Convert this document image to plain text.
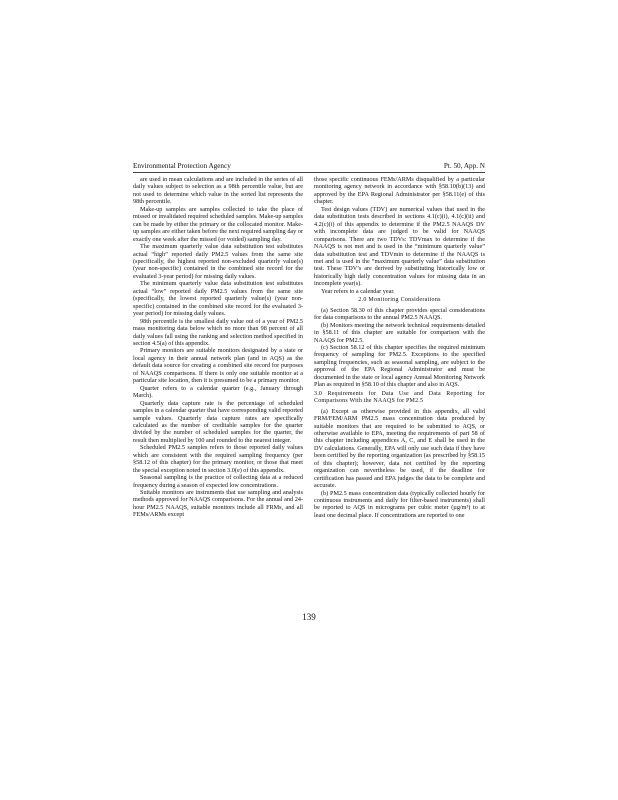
Environmental Protection Agency	Pt. 50, App. N

are used in mean calculations and are included in the series of all daily values subject to selection as a 98th percentile value, but are not used to determine which value in the sorted list represents the 98th percentile.

Make-up samples are samples collected to take the place of missed or invalidated required scheduled samples. Make-up samples can be made by either the primary or the collocated monitor. Make-up samples are either taken before the next required sampling day or exactly one week after the missed (or voided) sampling day.

The maximum quarterly value data substitution test substitutes actual “high” reported daily PM2.5 values from the same site (specifically, the highest reported non-excluded quarterly value(s) (year non-specific) contained in the combined site record for the evaluated 3-year period) for missing daily values.

The minimum quarterly value data substitution test substitutes actual “low” reported daily PM2.5 values from the same site (specifically, the lowest reported quarterly value(s) (year non-specific) contained in the combined site record for the evaluated 3-year period) for missing daily values.

98th percentile is the smallest daily value out of a year of PM2.5 mass monitoring data below which no more than 98 percent of all daily values fall using the ranking and selection method specified in section 4.5(a) of this appendix.

Primary monitors are suitable monitors designated by a state or local agency in their annual network plan (and in AQS) as the default data source for creating a combined site record for purposes of NAAQS comparisons. If there is only one suitable monitor at a particular site location, then it is presumed to be a primary monitor.

Quarter refers to a calendar quarter (e.g., January through March).

Quarterly data capture rate is the percentage of scheduled samples in a calendar quarter that have corresponding valid reported sample values. Quarterly data capture rates are specifically calculated as the number of creditable samples for the quarter divided by the number of scheduled samples for the quarter, the result then multiplied by 100 and rounded to the nearest integer.

Scheduled PM2.5 samples refers to those reported daily values which are consistent with the required sampling frequency (per §58.12 of this chapter) for the primary monitor, or those that meet the special exception noted in section 3.0(e) of this appendix.

Seasonal sampling is the practice of collecting data at a reduced frequency during a season of expected low concentrations.

Suitable monitors are instruments that use sampling and analysis methods approved for NAAQS comparisons. For the annual and 24-hour PM2.5 NAAQS, suitable monitors include all FRMs, and all FEMs/ARMs except

those specific continuous FEMs/ARMs disqualified by a particular monitoring agency network in accordance with §58.10(b)(13) and approved by the EPA Regional Administrator per §58.11(e) of this chapter.

Test design values (TDV) are numerical values that used in the data substitution tests described in sections 4.1(c)(i), 4.1(c)(ii) and 4.2(c)(i) of this appendix to determine if the PM2.5 NAAQS DV with incomplete data are judged to be valid for NAAQS comparisons. There are two TDVs: TDVmax to determine if the NAAQS is not met and is used in the “minimum quarterly value” data substitution test and TDVmin to determine if the NAAQS is met and is used in the “maximum quarterly value” data substitution test. These TDV’s are derived by substituting historically low or historically high daily concentration values for missing data in an incomplete year(s).

Year refers to a calendar year.

2.0 Monitoring Considerations

(a) Section 58.30 of this chapter provides special considerations for data comparisons to the annual PM2.5 NAAQS.

(b) Monitors meeting the network technical requirements detailed in §58.11 of this chapter are suitable for comparison with the NAAQS for PM2.5.

(c) Section 58.12 of this chapter specifies the required minimum frequency of sampling for PM2.5. Exceptions to the specified sampling frequencies, such as seasonal sampling, are subject to the approval of the EPA Regional Administrator and must be documented in the state or local agency Annual Monitoring Network Plan as required in §58.10 of this chapter and also in AQS.

3.0 Requirements for Data Use and Data Reporting for Comparisons With the NAAQS for PM2.5

(a) Except as otherwise provided in this appendix, all valid FRM/FEM/ARM PM2.5 mass concentration data produced by suitable monitors that are required to be submitted to AQS, or otherwise available to EPA, meeting the requirements of part 58 of this chapter including appendices A, C, and E shall be used in the DV calculations. Generally, EPA will only use such data if they have been certified by the reporting organization (as prescribed by §58.15 of this chapter); however, data not certified by the reporting organization can nevertheless be used, if the deadline for certification has passed and EPA judges the data to be complete and accurate.

(b) PM2.5 mass concentration data (typically collected hourly for continuous instruments and daily for filter-based instruments) shall be reported to AQS in micrograms per cubic meter (µg/m³) to at least one decimal place. If concentrations are reported to one

139
